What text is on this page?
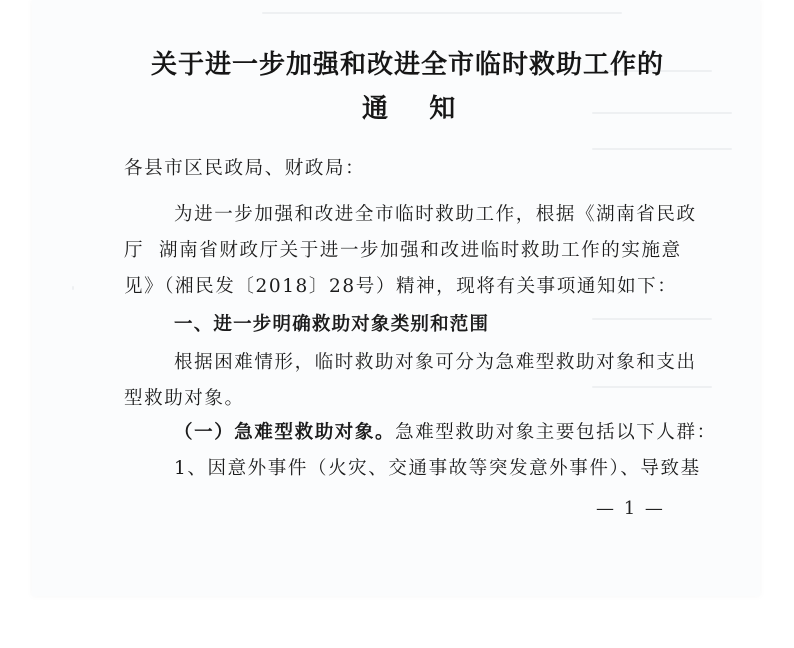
关于进一步加强和改进全市临时救助工作的
通    知
各县市区民政局、财政局：
为进一步加强和改进全市临时救助工作，根据《湖南省民政
厅  湖南省财政厅关于进一步加强和改进临时救助工作的实施意
见》（湘民发〔2018〕28号）精神，现将有关事项通知如下：
一、进一步明确救助对象类别和范围
根据困难情形，临时救助对象可分为急难型救助对象和支出
型救助对象。
（一）急难型救助对象。急难型救助对象主要包括以下人群：
1、因意外事件（火灾、交通事故等突发意外事件）、导致基
— 1 —
